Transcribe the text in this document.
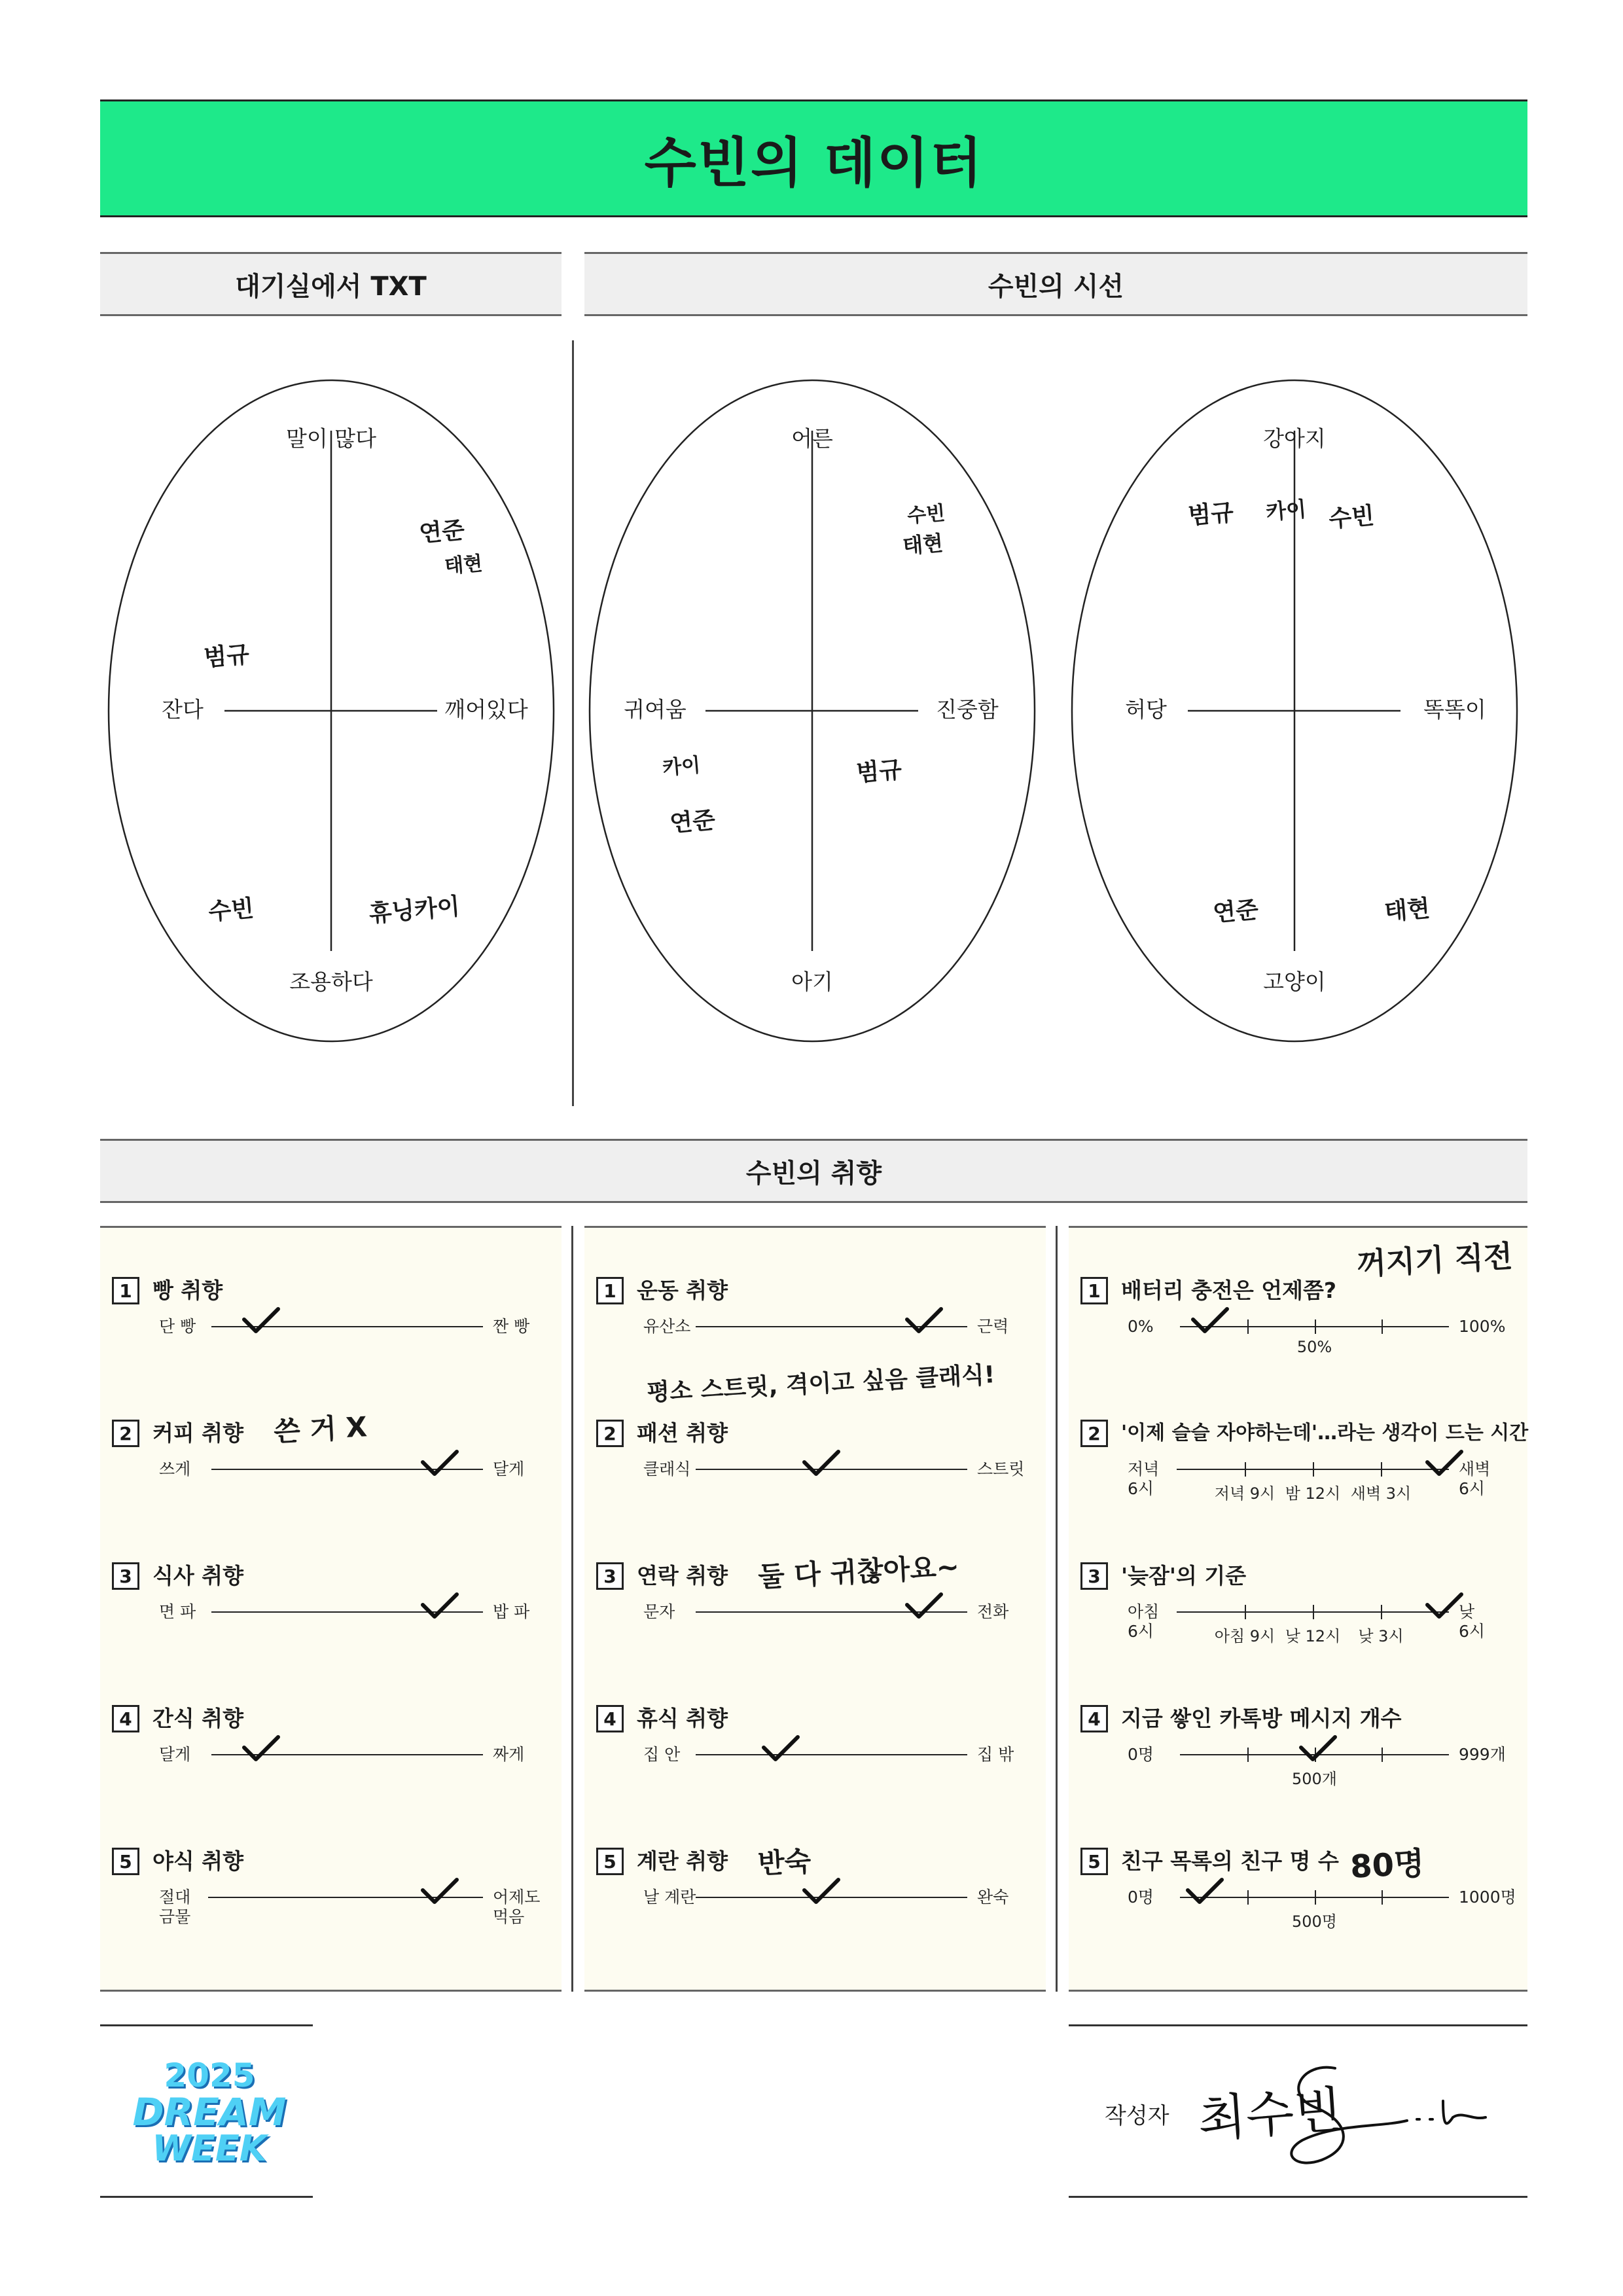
수빈의 데이터
대기실에서 TXT	수빈의 시선
말이 많다
조용하다
잔다	깨어있다
연준
태현
범규
수빈	휴닝카이
어른
아기
귀여움	진중함
수빈
태현
카이
연준
범규
강아지
고양이
허당	똑똑이
범규 카이 수빈
연준	태현
수빈의 취향
1 빵 취향
단 빵	짠 빵
2 커피 취향
쓰게	달게
쓴 거 X
3 식사 취향
면 파	밥 파
4 간식 취향
달게	짜게
5 야식 취향
절대
금물
어제도
먹음
1 운동 취향
유산소	근력
평소 스트릿, 격이고 싶음 클래식!
2 패션 취향
클래식	스트릿
3 연락 취향
문자	전화
둘 다 귀찮아요~
4 휴식 취향
집 안	집 밖
5 계란 취향
날 계란	완숙
반숙
1 배터리 충전은 언제쯤?
0%	100%
50%
꺼지기 직전
2	'이제 슬슬 자야하는데'…라는 생각이 드는 시간
저녁
6시
새벽
6시
저녁 9시 밤 12시 새벽 3시
3 '늦잠'의 기준
아침
6시
낮
6시
아침 9시 낮 12시 낮 3시
4 지금 쌓인 카톡방 메시지 개수
0명	999개
500개
5 친구 목록의 친구 명 수
0명	1000명
500명
80명
2025
DREAM
WEEK
작성자 최수빈
